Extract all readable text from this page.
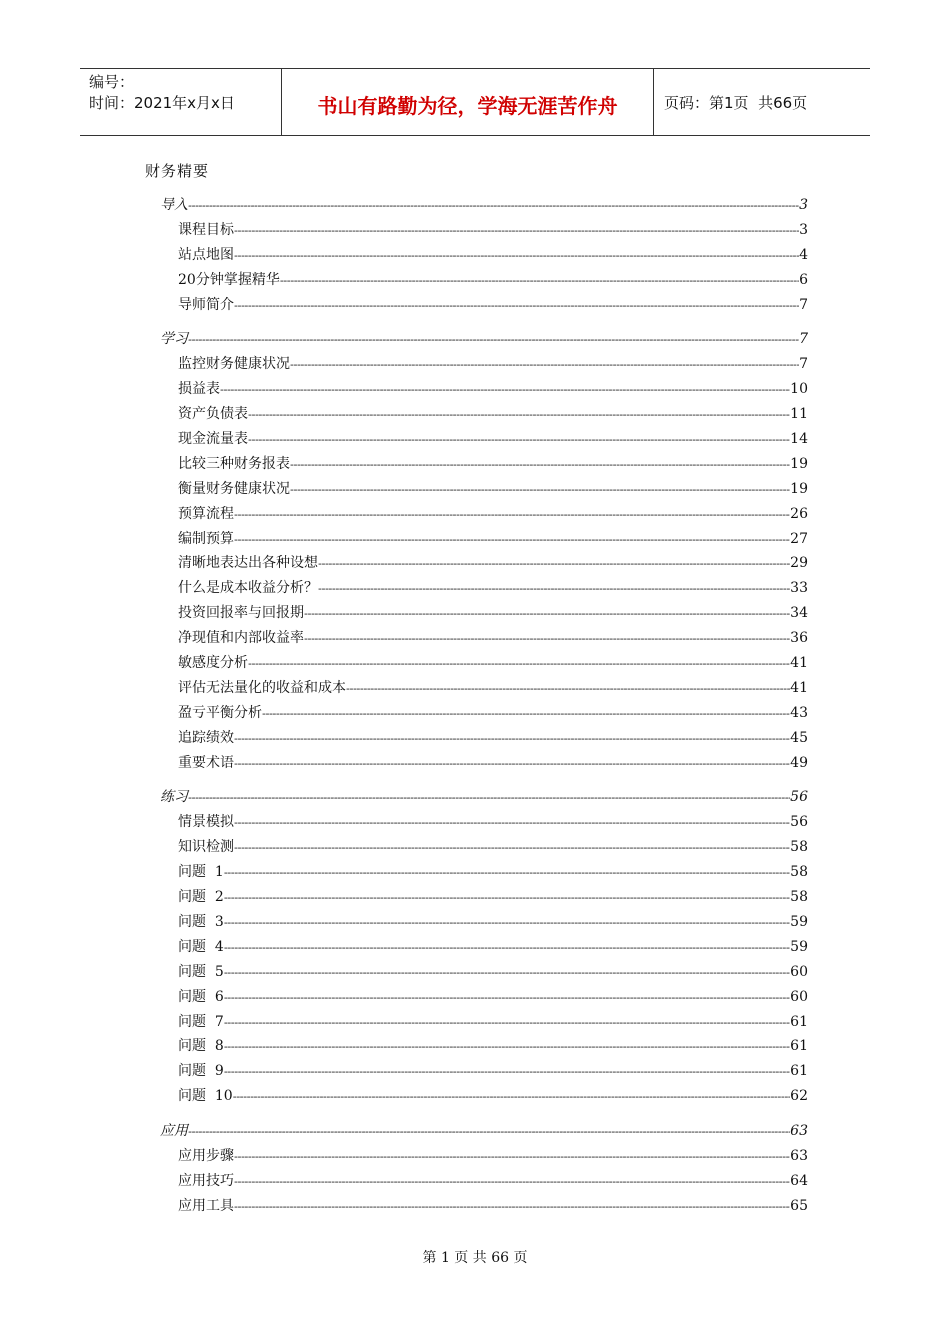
编号：
时间：2021年x月x日	书山有路勤为径，学海无涯苦作舟	页码：第1页  共66页
财务精要
导入 -----	3
课程目标 -----	3
站点地图 -----	4
20分钟掌握精华 -----	6
导师简介 -----	7
学习 -----	7
监控财务健康状况 -----	7
损益表 -----	10
资产负债表 -----	11
现金流量表 -----	14
比较三种财务报表 -----	19
衡量财务健康状况 -----	19
预算流程 -----	26
编制预算 -----	27
清晰地表达出各种设想 -----	29
什么是成本收益分析？ -----	33
投资回报率与回报期 -----	34
净现值和内部收益率 -----	36
敏感度分析 -----	41
评估无法量化的收益和成本 -----	41
盈亏平衡分析 -----	43
追踪绩效 -----	45
重要术语 -----	49
练习 -----	56
情景模拟 -----	56
知识检测 -----	58
问题  1 -----	58
问题  2 -----	58
问题  3 -----	59
问题  4 -----	59
问题  5 -----	60
问题  6 -----	60
问题  7 -----	61
问题  8 -----	61
问题  9 -----	61
问题  10 -----	62
应用 -----	63
应用步骤 -----	63
应用技巧 -----	64
应用工具 -----	65
第 1 页 共 66 页
